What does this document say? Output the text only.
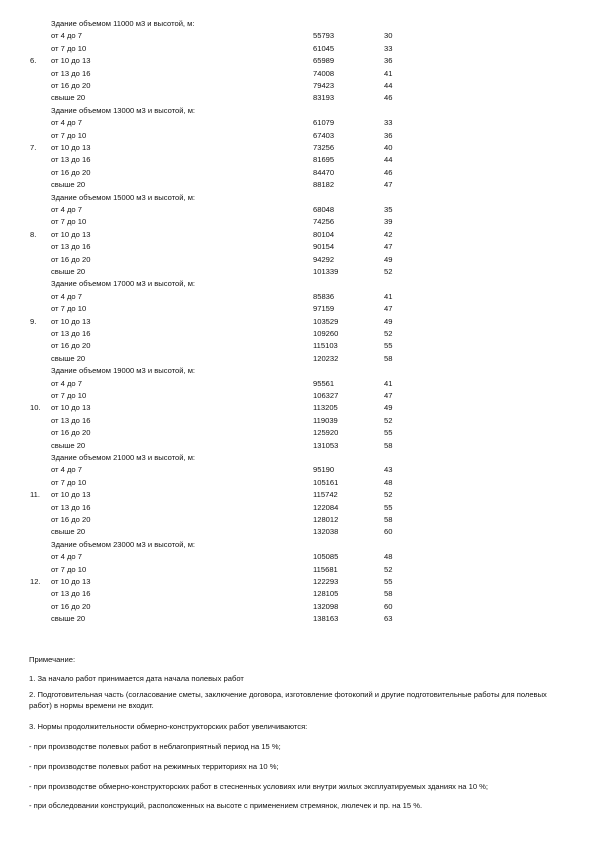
Здание объемом 11000 м3 и высотой, м:
от 4 до 7	55793	30
от 7 до 10	61045	33
6. от 10 до 13	65989	36
от 13 до 16	74008	41
от 16 до 20	79423	44
свыше 20	83193	46
Здание объемом 13000 м3 и высотой, м:
от 4 до 7	61079	33
от 7 до 10	67403	36
7. от 10 до 13	73256	40
от 13 до 16	81695	44
от 16 до 20	84470	46
свыше 20	88182	47
Здание объемом 15000 м3 и высотой, м:
от 4 до 7	68048	35
от 7 до 10	74256	39
8. от 10 до 13	80104	42
от 13 до 16	90154	47
от 16 до 20	94292	49
свыше 20	101339	52
Здание объемом 17000 м3 и высотой, м:
от 4 до 7	85836	41
от 7 до 10	97159	47
9. от 10 до 13	103529	49
от 13 до 16	109260	52
от 16 до 20	115103	55
свыше 20	120232	58
Здание объемом 19000 м3 и высотой, м:
от 4 до 7	95561	41
от 7 до 10	106327	47
10. от 10 до 13	113205	49
от 13 до 16	119039	52
от 16 до 20	125920	55
свыше 20	131053	58
Здание объемом 21000 м3 и высотой, м:
от 4 до 7	95190	43
от 7 до 10	105161	48
11. от 10 до 13	115742	52
от 13 до 16	122084	55
от 16 до 20	128012	58
свыше 20	132038	60
Здание объемом 23000 м3 и высотой, м:
от 4 до 7	105085	48
от 7 до 10	115681	52
12. от 10 до 13	122293	55
от 13 до 16	128105	58
от 16 до 20	132098	60
свыше 20	138163	63
Примечание:
1. За начало работ принимается дата начала полевых работ
2. Подготовительная часть (согласование сметы, заключение договора, изготовление фотокопий и другие подготовительные работы для полевых работ) в нормы времени не входит.
3. Нормы продолжительности обмерно-конструкторских работ увеличиваются:
- при производстве полевых работ в неблагоприятный период на 15 %;
- при производстве полевых работ на режимных территориях на 10 %;
- при производстве обмерно-конструкторских работ в стесненных условиях или внутри жилых эксплуатируемых зданиях на 10 %;
- при обследовании конструкций, расположенных на высоте с применением стремянок, люлечек и пр. на 15 %.
